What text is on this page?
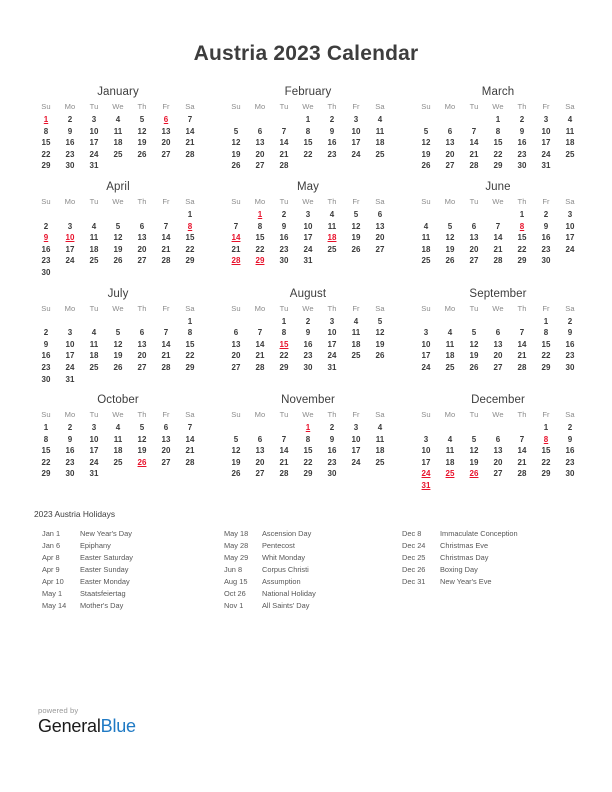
Austria 2023 Calendar
January
Su	Mo	Tu	We	Th	Fr	Sa
1	2	3	4	5	6	7
8	9	10	11	12	13	14
15	16	17	18	19	20	21
22	23	24	25	26	27	28
29	30	31				
February
Su	Mo	Tu	We	Th	Fr	Sa
			1	2	3	4
5	6	7	8	9	10	11
12	13	14	15	16	17	18
19	20	21	22	23	24	25
26	27	28				
March
Su	Mo	Tu	We	Th	Fr	Sa
			1	2	3	4
5	6	7	8	9	10	11
12	13	14	15	16	17	18
19	20	21	22	23	24	25
26	27	28	29	30	31	
April
Su	Mo	Tu	We	Th	Fr	Sa
						1
2	3	4	5	6	7	8
9	10	11	12	13	14	15
16	17	18	19	20	21	22
23	24	25	26	27	28	29
30						
May
Su	Mo	Tu	We	Th	Fr	Sa
	1	2	3	4	5	6
7	8	9	10	11	12	13
14	15	16	17	18	19	20
21	22	23	24	25	26	27
28	29	30	31			
June
Su	Mo	Tu	We	Th	Fr	Sa
				1	2	3
4	5	6	7	8	9	10
11	12	13	14	15	16	17
18	19	20	21	22	23	24
25	26	27	28	29	30	
July
Su	Mo	Tu	We	Th	Fr	Sa
						1
2	3	4	5	6	7	8
9	10	11	12	13	14	15
16	17	18	19	20	21	22
23	24	25	26	27	28	29
30	31					
August
Su	Mo	Tu	We	Th	Fr	Sa
		1	2	3	4	5
6	7	8	9	10	11	12
13	14	15	16	17	18	19
20	21	22	23	24	25	26
27	28	29	30	31		
September
Su	Mo	Tu	We	Th	Fr	Sa
					1	2
3	4	5	6	7	8	9
10	11	12	13	14	15	16
17	18	19	20	21	22	23
24	25	26	27	28	29	30
October
Su	Mo	Tu	We	Th	Fr	Sa
1	2	3	4	5	6	7
8	9	10	11	12	13	14
15	16	17	18	19	20	21
22	23	24	25	26	27	28
29	30	31				
November
Su	Mo	Tu	We	Th	Fr	Sa
			1	2	3	4
5	6	7	8	9	10	11
12	13	14	15	16	17	18
19	20	21	22	23	24	25
26	27	28	29	30		
December
Su	Mo	Tu	We	Th	Fr	Sa
					1	2
3	4	5	6	7	8	9
10	11	12	13	14	15	16
17	18	19	20	21	22	23
24	25	26	27	28	29	30
31						
2023 Austria Holidays
Jan 1	New Year's Day
Jan 6	Epiphany
Apr 8	Easter Saturday
Apr 9	Easter Sunday
Apr 10	Easter Monday
May 1	Staatsfeiertag
May 14	Mother's Day
May 18	Ascension Day
May 28	Pentecost
May 29	Whit Monday
Jun 8	Corpus Christi
Aug 15	Assumption
Oct 26	National Holiday
Nov 1	All Saints' Day
Dec 8	Immaculate Conception
Dec 24	Christmas Eve
Dec 25	Christmas Day
Dec 26	Boxing Day
Dec 31	New Year's Eve
powered by
GeneralBlue
